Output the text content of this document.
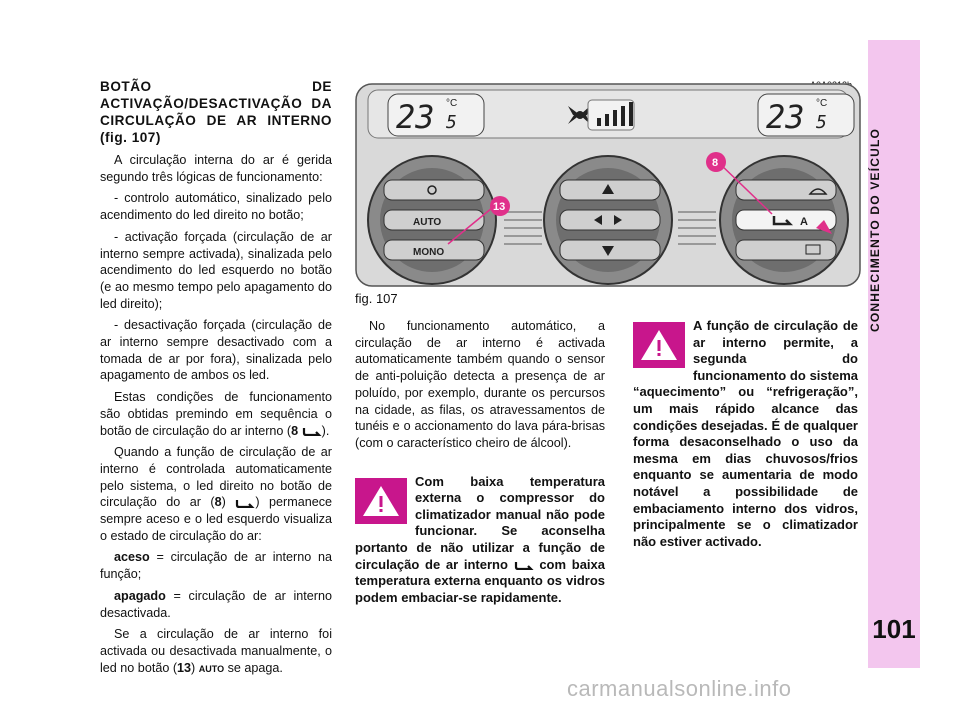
CONHECIMENTO DO VEÍCULO
101
BOTÃO DE ACTIVAÇÃO/DESACTIVAÇÃO DA CIRCULAÇÃO DE AR INTERNO (fig. 107)

A circulação interna do ar é gerida segundo três lógicas de funcionamento:

- controlo automático, sinalizado pelo acendimento do led direito no botão;

- activação forçada (circulação de ar interno sempre activada), sinalizada pelo acendimento do led esquerdo no botão (e ao mesmo tempo pelo apagamento do led direito);

- desactivação forçada (circulação de ar interno sempre desactivado com a tomada de ar por fora), sinalizada pelo apagamento de ambos os led.

Estas condições de funcionamento são obtidas premindo em sequência o botão de circulação do ar interno (8 ).

Quando a função de circulação de ar interno é controlada automaticamente pelo sistema, o led direito no botão de circulação do ar (8) ) permanece sempre aceso e o led esquerdo visualiza o estado de circulação do ar:

aceso = circulação de ar interno na função;

apagado = circulação de ar interno desactivada.

Se a circulação de ar interno foi activada ou desactivada manualmente, o led no botão (13) AUTO se apaga.

23 5
°C	23 5
°C
AUTO
MONO
A
13
8
fig. 107

No funcionamento automático, a circulação de ar interno é activada automaticamente também quando o sensor de anti-poluição detecta a presença de ar poluído, por exemplo, durante os percursos na cidade, as filas, os atravessamentos de tunéis e o accionamento do lava pára-brisas (com o característico cheiro de álcool).

Com baixa temperatura externa o compressor do climatizador manual não pode funcionar. Se aconselha portanto de não utilizar a função de circulação de ar interno  com baixa temperatura externa enquanto os vidros podem embaciar-se rapidamente.
A função de circulação de ar interno permite, a segunda do funcionamento do sistema “aquecimento” ou “refrigeração”, um mais rápido alcance das condições desejadas. É de qualquer forma desaconselhado o uso da mesma em dias chuvosos/frios enquanto se aumentaria de modo notável a possibilidade de embaciamento interno dos vidros, principalmente se o climatizador não estiver activado.
carmanualsonline.info
